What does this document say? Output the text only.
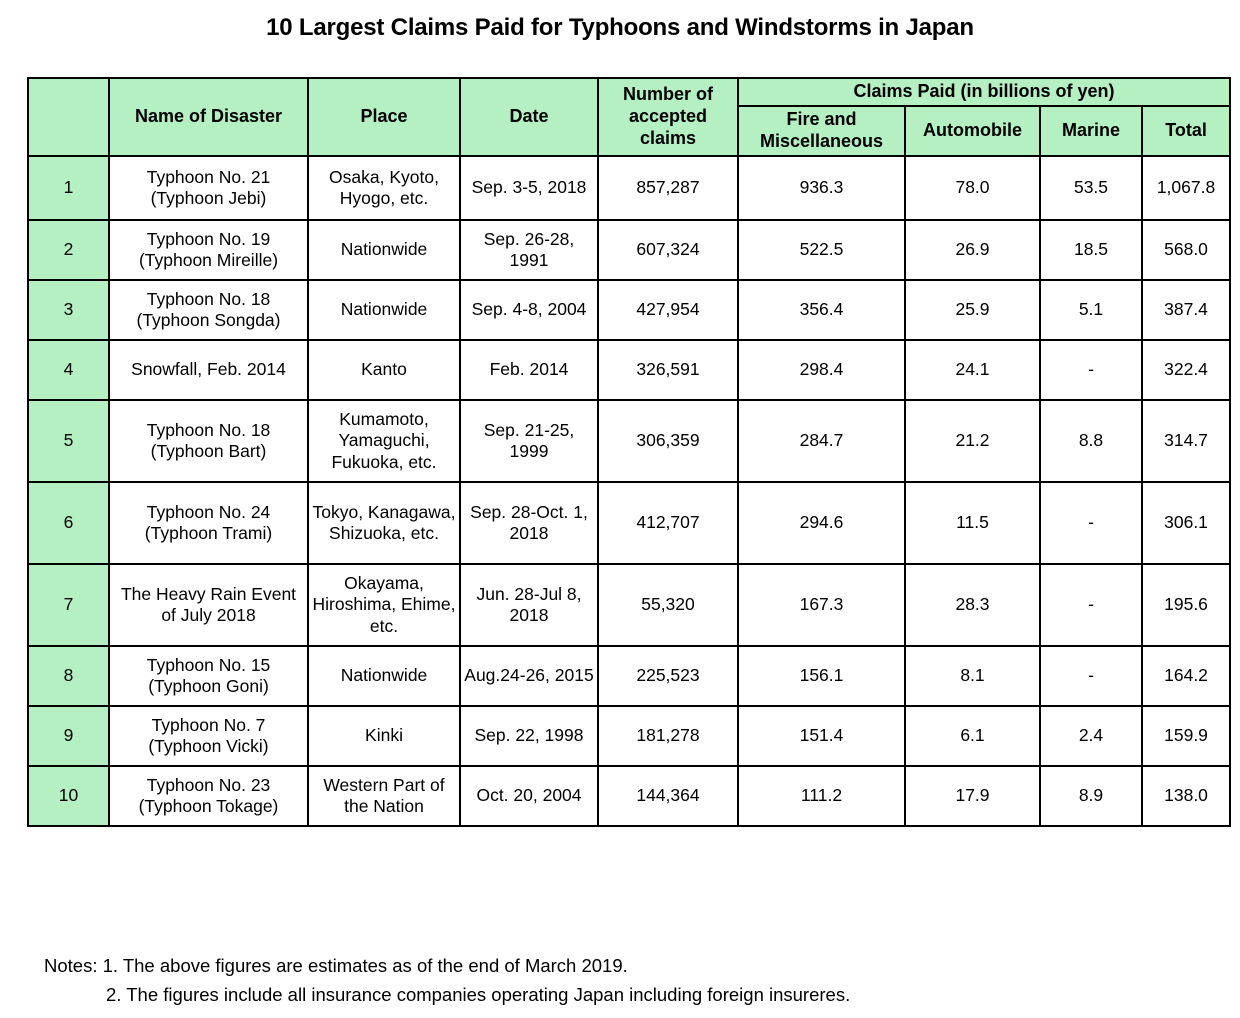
10 Largest Claims Paid for Typhoons and Windstorms in Japan
	Name of Disaster	Place	Date	Number of accepted claims	Claims Paid (in billions of yen)			
					Fire and Miscellaneous	Automobile	Marine	Total
1	Typhoon No. 21 (Typhoon Jebi)	Osaka, Kyoto, Hyogo, etc.	Sep. 3-5, 2018	857,287	936.3	78.0	53.5	1,067.8
2	Typhoon No. 19 (Typhoon Mireille)	Nationwide	Sep. 26-28, 1991	607,324	522.5	26.9	18.5	568.0
3	Typhoon No. 18 (Typhoon Songda)	Nationwide	Sep. 4-8, 2004	427,954	356.4	25.9	5.1	387.4
4	Snowfall, Feb. 2014	Kanto	Feb. 2014	326,591	298.4	24.1	-	322.4
5	Typhoon No. 18 (Typhoon Bart)	Kumamoto, Yamaguchi, Fukuoka, etc.	Sep. 21-25, 1999	306,359	284.7	21.2	8.8	314.7
6	Typhoon No. 24 (Typhoon Trami)	Tokyo, Kanagawa, Shizuoka, etc.	Sep. 28-Oct. 1, 2018	412,707	294.6	11.5	-	306.1
7	The Heavy Rain Event of July 2018	Okayama, Hiroshima, Ehime, etc.	Jun. 28-Jul 8, 2018	55,320	167.3	28.3	-	195.6
8	Typhoon No. 15 (Typhoon Goni)	Nationwide	Aug.24-26, 2015	225,523	156.1	8.1	-	164.2
9	Typhoon No. 7 (Typhoon Vicki)	Kinki	Sep. 22, 1998	181,278	151.4	6.1	2.4	159.9
10	Typhoon No. 23 (Typhoon Tokage)	Western Part of the Nation	Oct. 20, 2004	144,364	111.2	17.9	8.9	138.0
Notes: 1. The above figures are estimates as of the end of March 2019.
2. The figures include all insurance companies operating Japan including foreign insureres.
